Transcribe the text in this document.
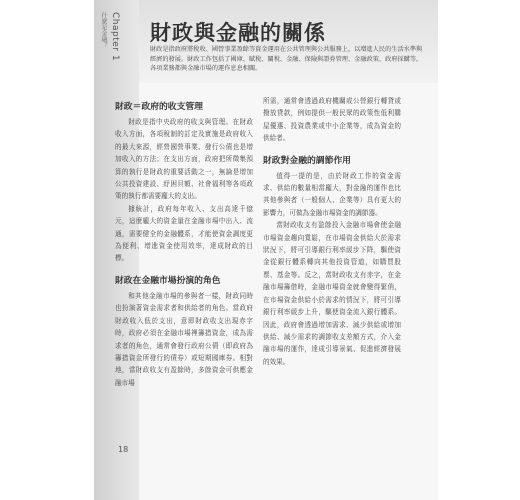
Chapter 1
什麼是金融？ 財政與金融的關係
財政是指政府將稅收、國營事業盈餘等資金運用在公共管理與公共服務上，以增進人民的生活水準與經濟的發展。財政工作包括了國庫、賦稅、關稅、金融、保險與證券管理、金融政策、政府採購等，各項業務都與金融市場的運作息息相關。
財政＝政府的收支管理

財政是指中央政府的收支與管理。在財政收入方面，各項稅制的訂定及實施是政府收入的最大來源，經營國營事業、發行公債也是增加收入的方法；在支出方面，政府把所徵集預算的執行是財政的重要活動之一，無論是增加公共投資建設、紓困貝額、社會福利等各項政策的執行都需要龐大的支出。

據統計，政府每年收入、支出高達千億元，這麼龐大的資金量在金融市場中出入、流通，需要健全的金融體系，才能使資金調度更為便利、增進資金使用效率，達成財政的目標。

財政在金融市場扮演的角色

和其他金融市場的參與者一樣，財政同時也扮演著資金需求者和供給者的角色。當政府財政收入低於支出，意即財政收支出現赤字時，政府必須在金融市場裡籌措資金，成為需求者的角色，通常會發行政府公債（即政府為籌措資金所發行的債券）或短期國庫券。相對地，當財政收支有盈餘時，多餘資金可供應金融市場

所需，通常會透過政府機關或公營銀行轉貸或撥放貸款，例如提供一般民眾的政策性低利購屋優惠、投資農業或中小企業等，成為資金的供給者。

財政對金融的調節作用

值得一提的是，由於財政工作的資金需求、供給的數量相當龐大，對金融的運作也比其他參與者（一般個人、企業等）具有更大的影響力，可做為金融市場資金的調節器。

當財政收支有盈餘投入金融市場會使金融市場資金趨向寬鬆，在市場資金供給大於需求狀況下，將可引導銀行利率緩步下降，驅使資金從銀行體系轉向其他投資管道，如購買股票、基金等。反之，當財政收支有赤字，在金融市場籌借時，金融市場資金就會變得緊俏，在市場資金供給小於需求的情況下，將可引導銀行利率緩步上升，驅使資金流入銀行體系。因此，政府會透過增加需求、減少供給或增加供給、減少需求的調節收支差額方式，介入金融市場的運作，達成引導景氣、促進經濟發展的效果。

18
